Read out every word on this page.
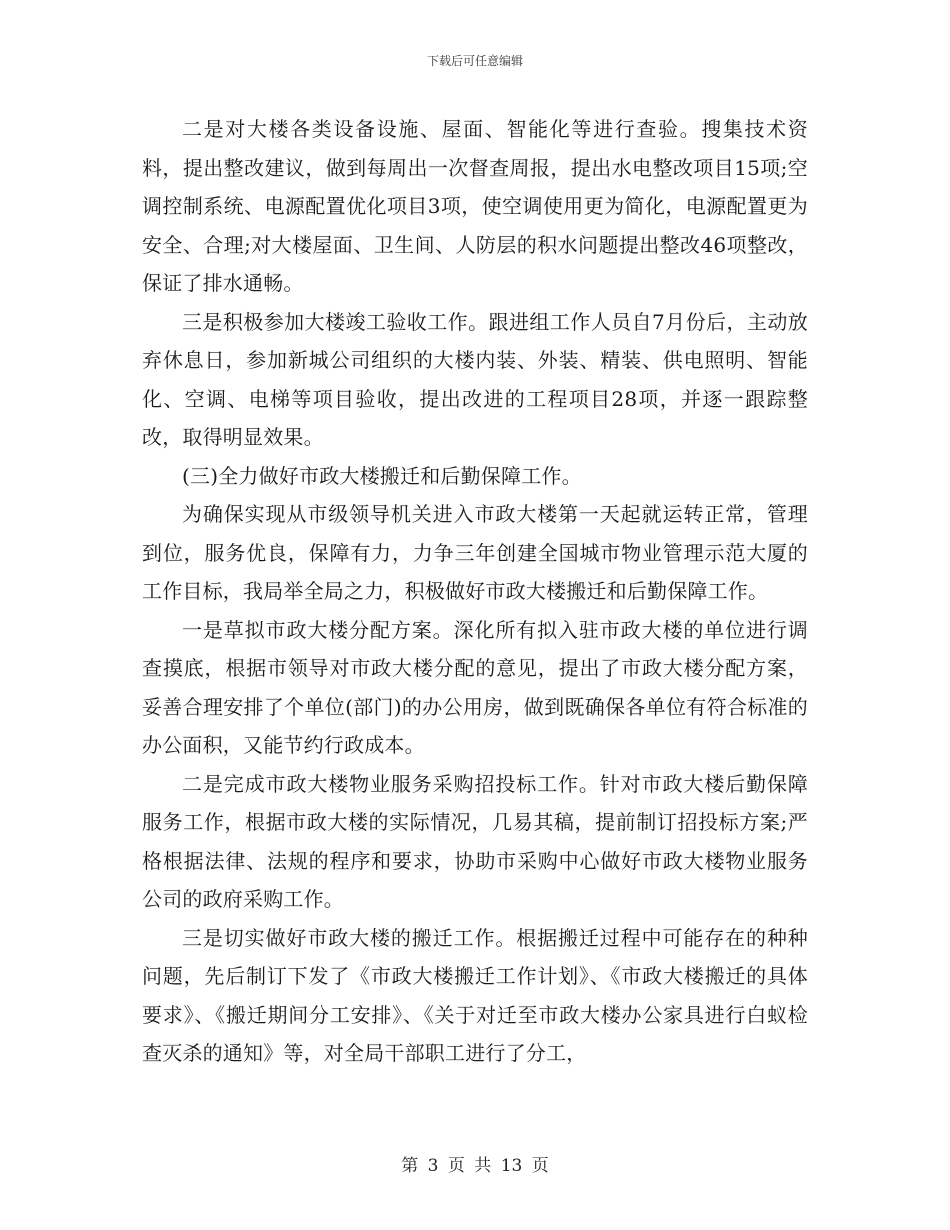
下载后可任意编辑

二是对大楼各类设备设施、屋面、智能化等进行查验。搜集技术资料，提出整改建议，做到每周出一次督查周报，提出水电整改项目15项;空调控制系统、电源配置优化项目3项，使空调使用更为简化，电源配置更为安全、合理;对大楼屋面、卫生间、人防层的积水问题提出整改46项整改，保证了排水通畅。

三是积极参加大楼竣工验收工作。跟进组工作人员自7月份后，主动放弃休息日，参加新城公司组织的大楼内装、外装、精装、供电照明、智能化、空调、电梯等项目验收，提出改进的工程项目28项，并逐一跟踪整改，取得明显效果。

(三)全力做好市政大楼搬迁和后勤保障工作。

为确保实现从市级领导机关进入市政大楼第一天起就运转正常，管理到位，服务优良，保障有力，力争三年创建全国城市物业管理示范大厦的工作目标，我局举全局之力，积极做好市政大楼搬迁和后勤保障工作。

一是草拟市政大楼分配方案。深化所有拟入驻市政大楼的单位进行调查摸底，根据市领导对市政大楼分配的意见，提出了市政大楼分配方案，妥善合理安排了个单位(部门)的办公用房，做到既确保各单位有符合标准的办公面积，又能节约行政成本。

二是完成市政大楼物业服务采购招投标工作。针对市政大楼后勤保障服务工作，根据市政大楼的实际情况，几易其稿，提前制订招投标方案;严格根据法律、法规的程序和要求，协助市采购中心做好市政大楼物业服务公司的政府采购工作。

三是切实做好市政大楼的搬迁工作。根据搬迁过程中可能存在的种种问题，先后制订下发了《市政大楼搬迁工作计划》、《市政大楼搬迁的具体要求》、《搬迁期间分工安排》、《关于对迁至市政大楼办公家具进行白蚁检查灭杀的通知》等，对全局干部职工进行了分工，

第 3 页 共 13 页
